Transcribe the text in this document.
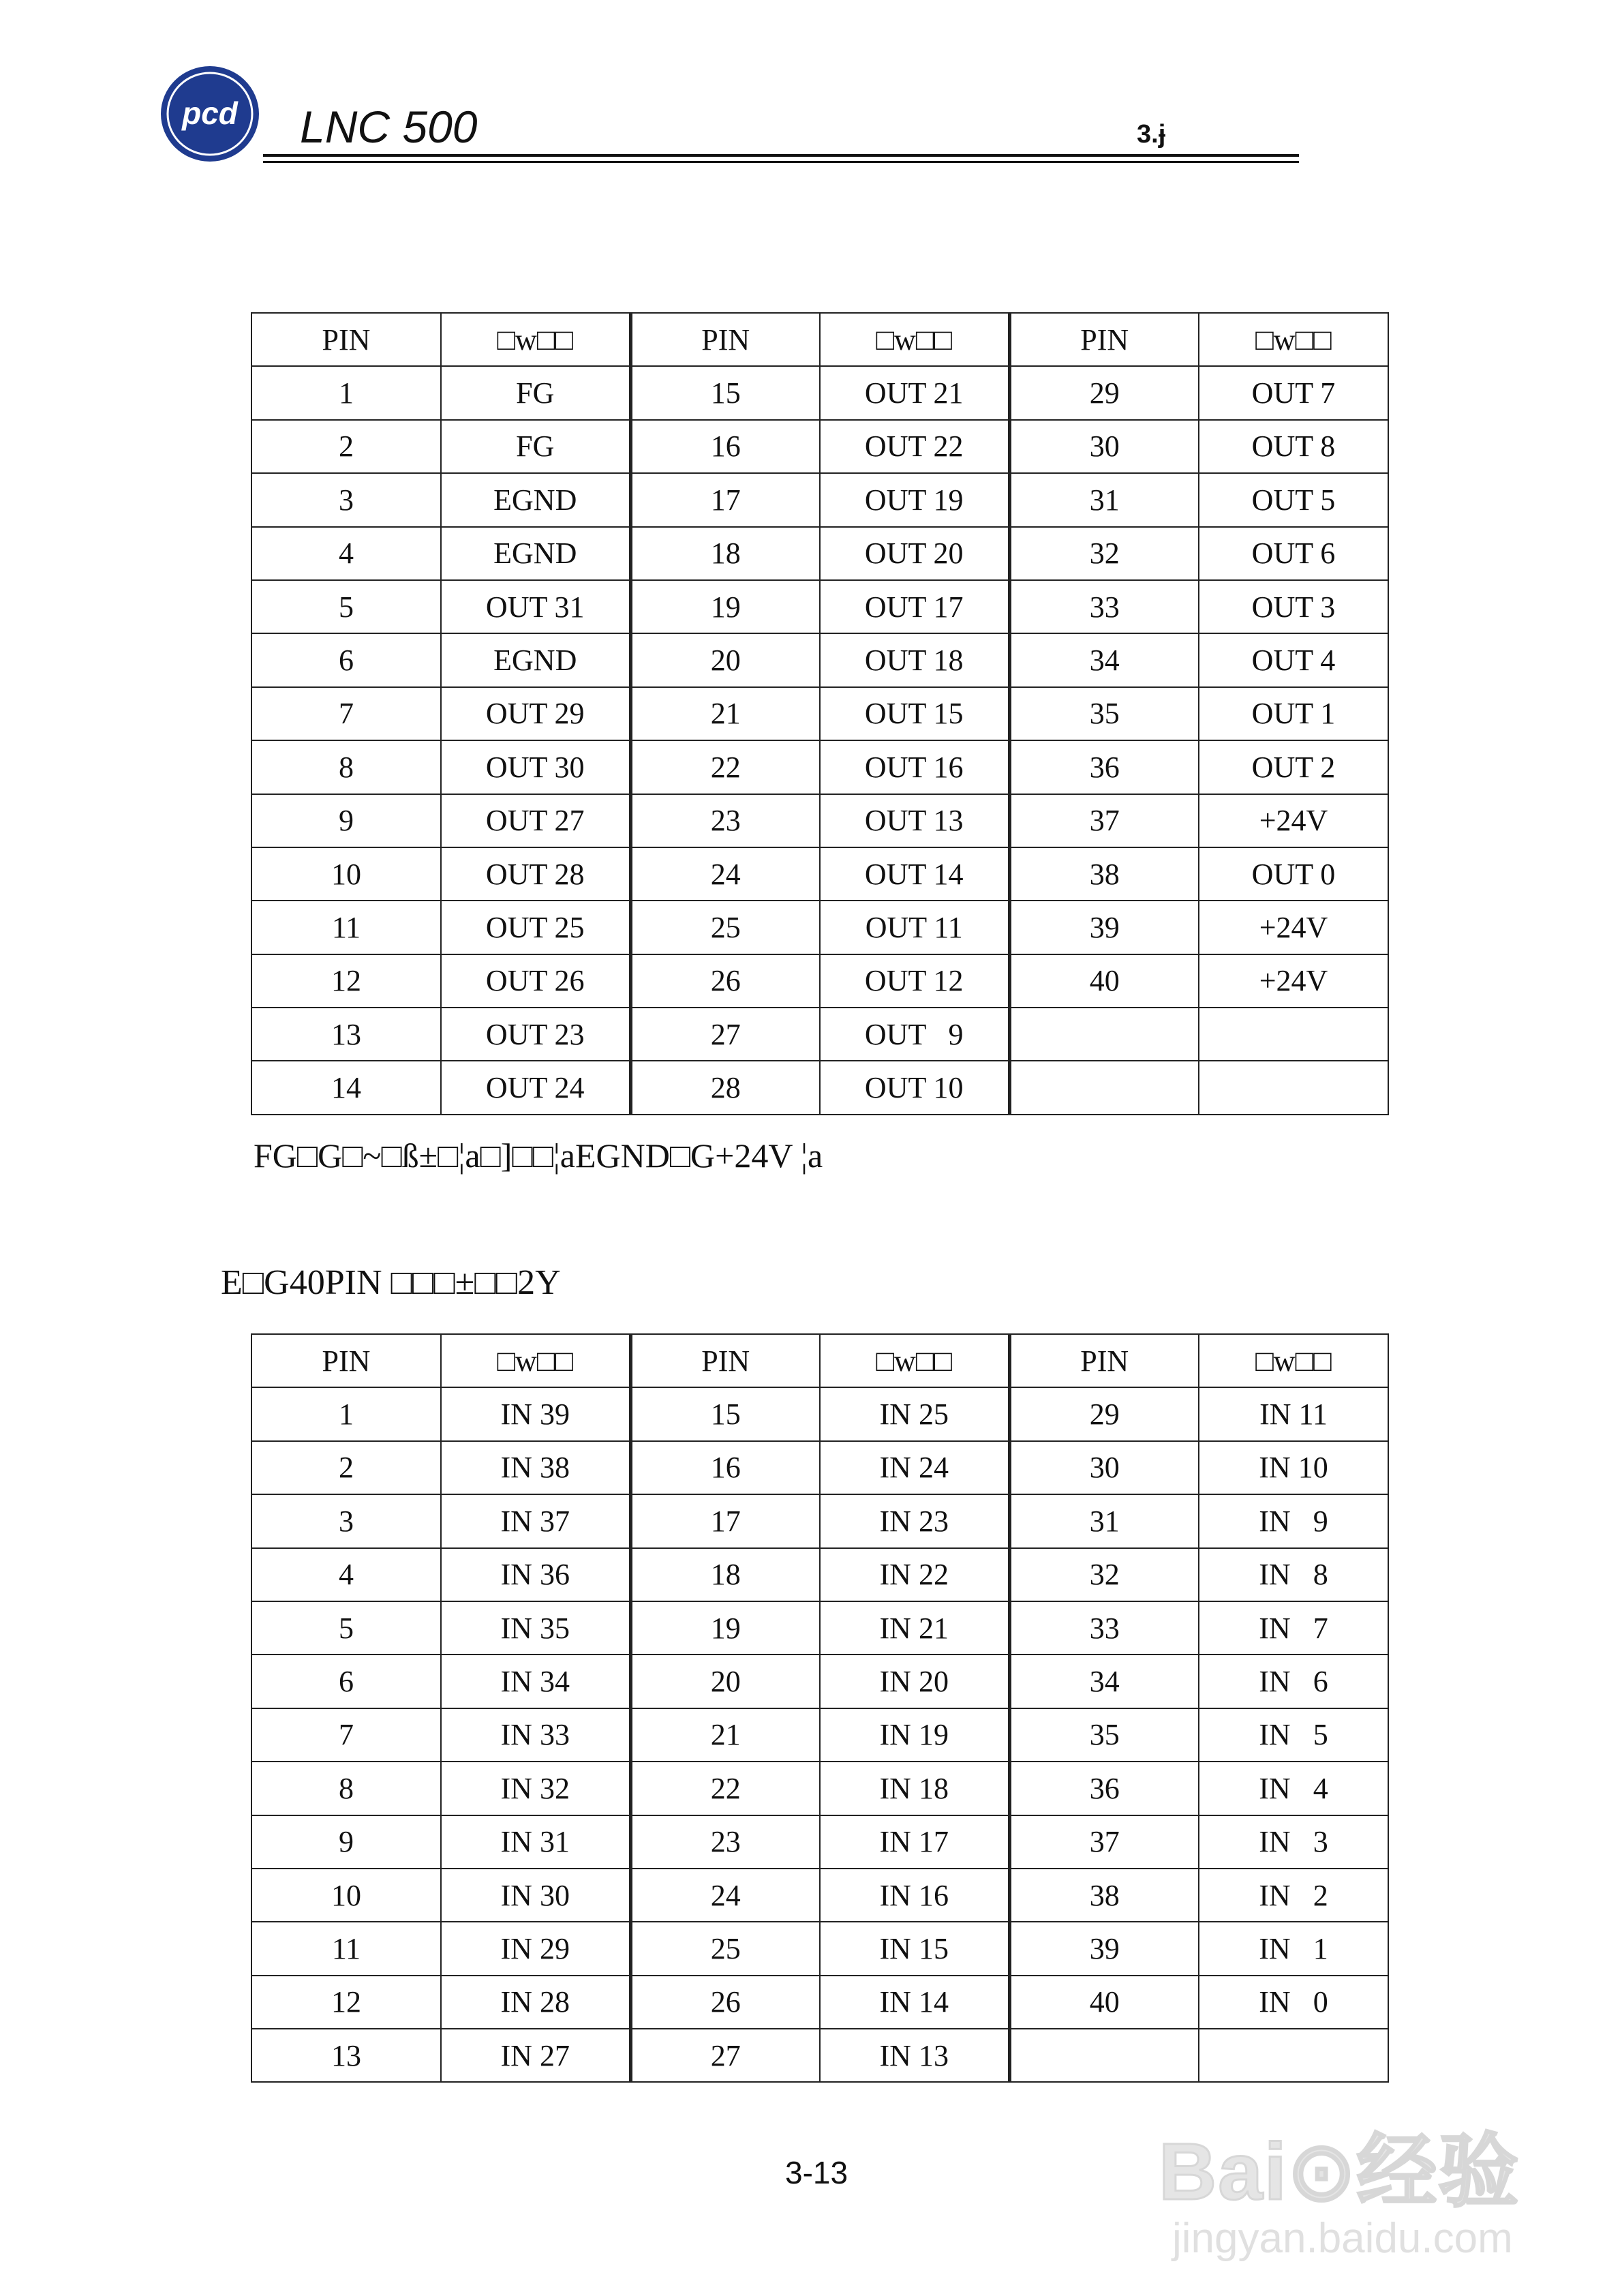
pcd LNC 500	3.ɉ
PIN	□w□□	PIN	□w□□	PIN	□w□□
1	FG	15	OUT 21	29	OUT 7
2	FG	16	OUT 22	30	OUT 8
3	EGND	17	OUT 19	31	OUT 5
4	EGND	18	OUT 20	32	OUT 6
5	OUT 31	19	OUT 17	33	OUT 3
6	EGND	20	OUT 18	34	OUT 4
7	OUT 29	21	OUT 15	35	OUT 1
8	OUT 30	22	OUT 16	36	OUT 2
9	OUT 27	23	OUT 13	37	+24V
10	OUT 28	24	OUT 14	38	OUT 0
11	OUT 25	25	OUT 11	39	+24V
12	OUT 26	26	OUT 12	40	+24V
13	OUT 23	27	OUT   9		
14	OUT 24	28	OUT 10		
FG□G□~□ß±□¦a□]□□¦aEGND□G+24V ¦a
E□G40PIN □□□±□□2Y
PIN	□w□□	PIN	□w□□	PIN	□w□□
1	IN 39	15	IN 25	29	IN 11
2	IN 38	16	IN 24	30	IN 10
3	IN 37	17	IN 23	31	IN   9
4	IN 36	18	IN 22	32	IN   8
5	IN 35	19	IN 21	33	IN   7
6	IN 34	20	IN 20	34	IN   6
7	IN 33	21	IN 19	35	IN   5
8	IN 32	22	IN 18	36	IN   4
9	IN 31	23	IN 17	37	IN   3
10	IN 30	24	IN 16	38	IN   2
11	IN 29	25	IN 15	39	IN   1
12	IN 28	26	IN 14	40	IN   0
13	IN 27	27	IN 13		
3-13	Bai⊙经验
jingyan.baidu.com
